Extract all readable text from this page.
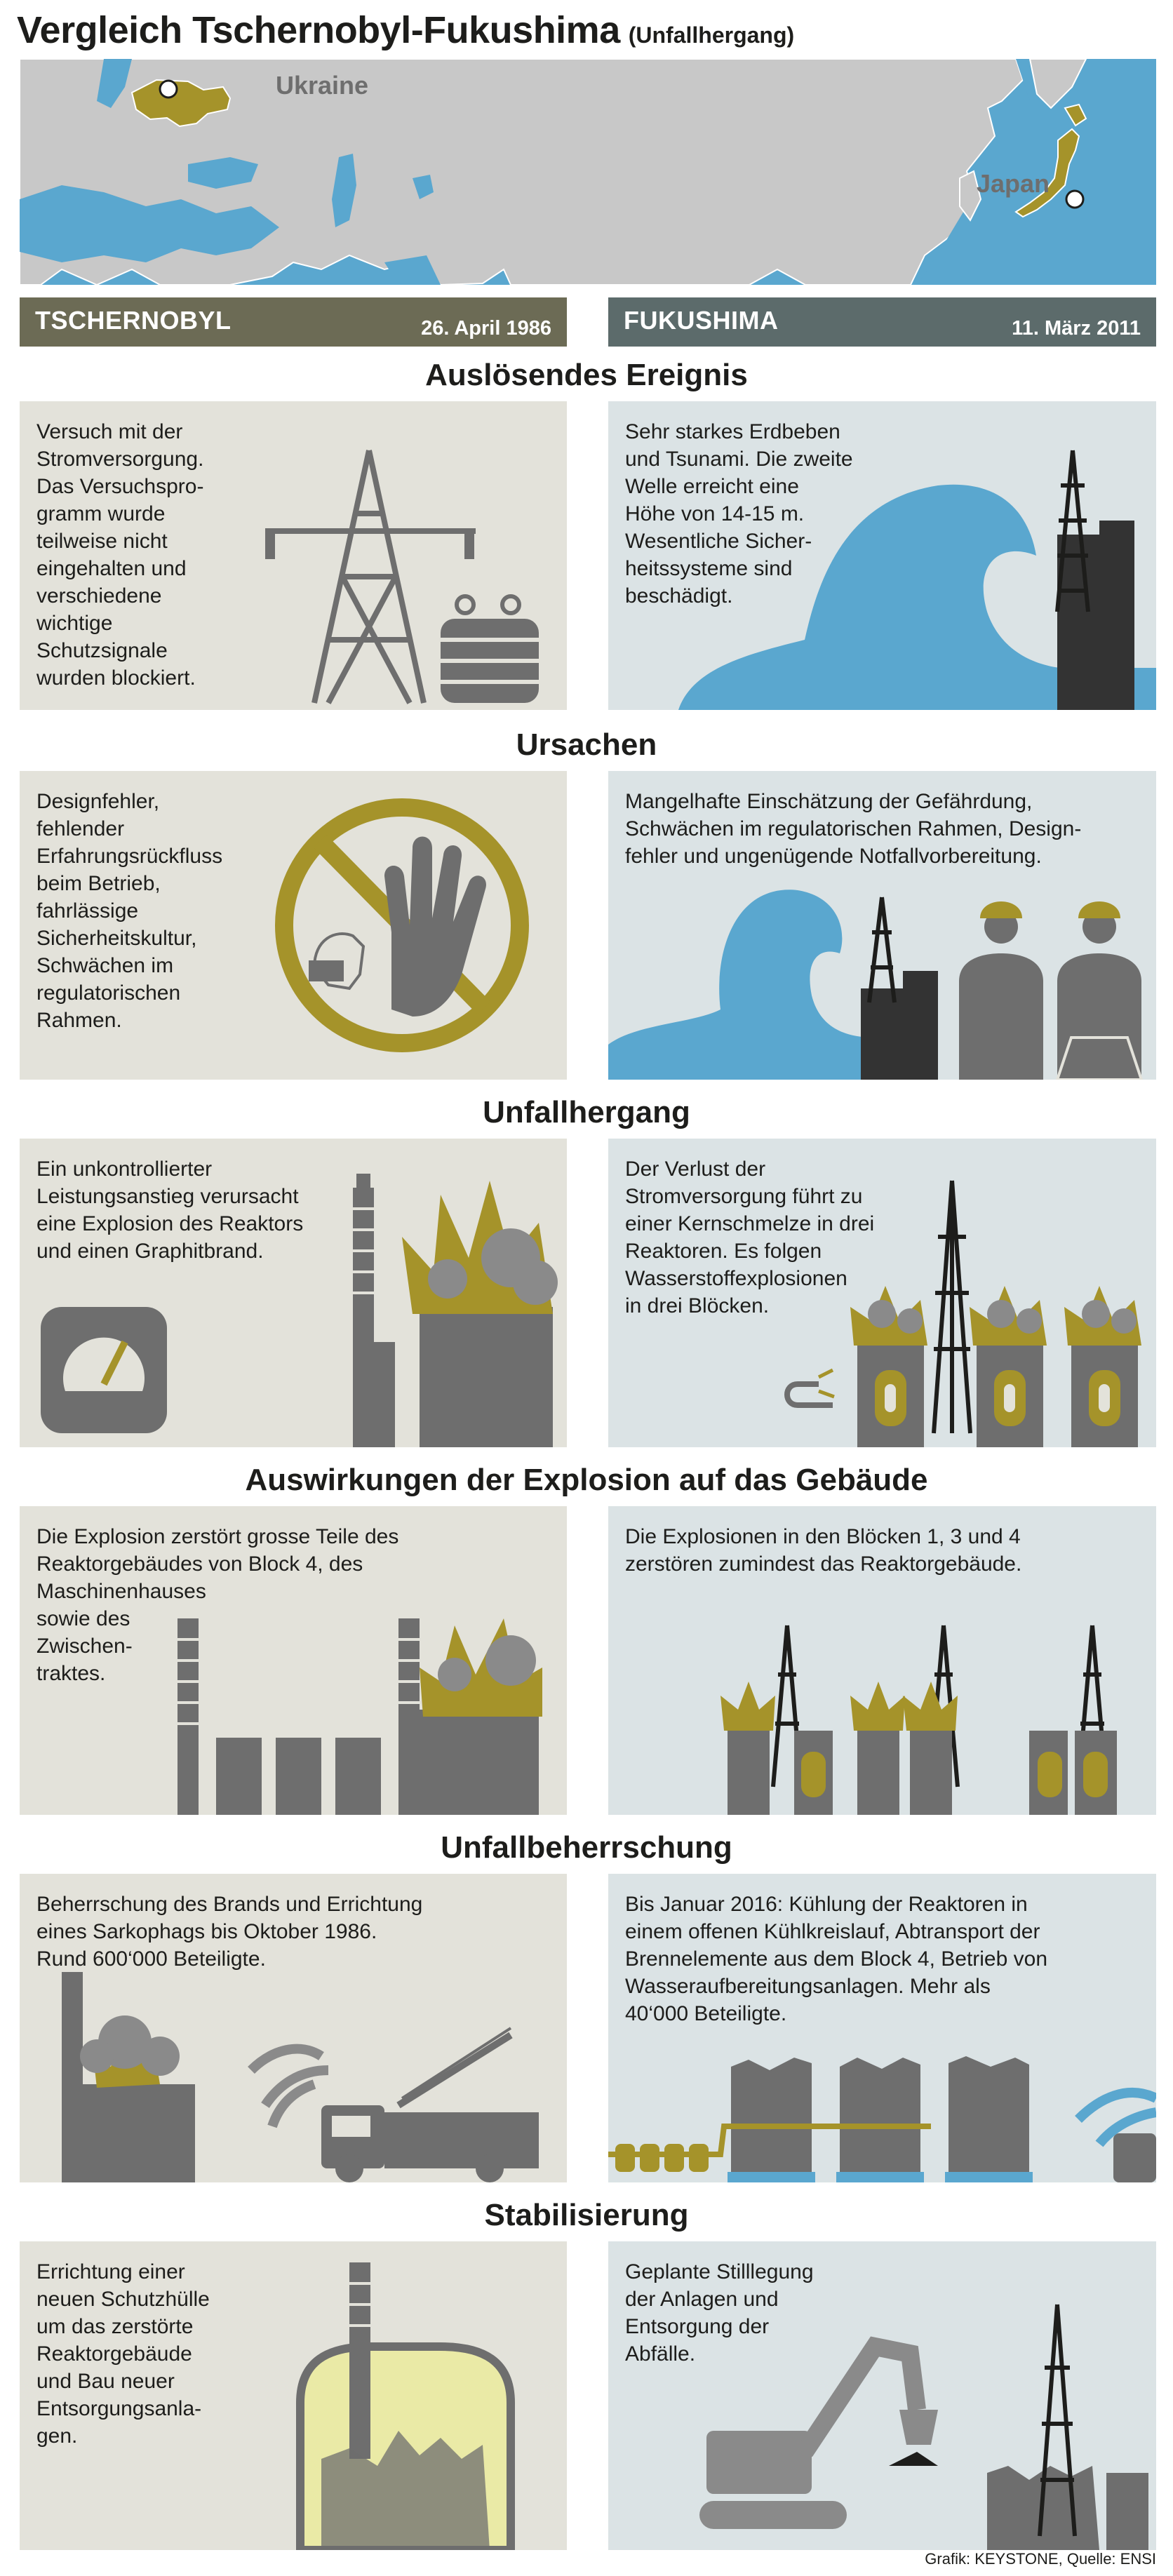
Vergleich Tschernobyl-Fukushima (Unfallhergang)
Ukraine
Japan
TSCHERNOBYL	26. April 1986	FUKUSHIMA	11. März 2011
Auslösendes Ereignis
Versuch mit der
Stromversorgung.
Das Versuchspro-
gramm wurde
teilweise nicht
eingehalten und
verschiedene
wichtige
Schutzsignale
wurden blockiert.
Sehr starkes Erdbeben
und Tsunami. Die zweite
Welle erreicht eine
Höhe von 14-15 m.
Wesentliche Sicher-
heitssysteme sind
beschädigt.
Ursachen
Designfehler,
fehlender
Erfahrungsrückfluss
beim Betrieb,
fahrlässige
Sicherheitskultur,
Schwächen im
regulatorischen
Rahmen.
Mangelhafte Einschätzung der Gefährdung,
Schwächen im regulatorischen Rahmen, Design-
fehler und ungenügende Notfallvorbereitung.
Unfallhergang
Ein unkontrollierter
Leistungsanstieg verursacht
eine Explosion des Reaktors
und einen Graphitbrand.
Der Verlust der
Stromversorgung führt zu
einer Kernschmelze in drei
Reaktoren. Es folgen
Wasserstoffexplosionen
in drei Blöcken.
Auswirkungen der Explosion auf das Gebäude
Die Explosion zerstört grosse Teile des
Reaktorgebäudes von Block 4, des
Maschinenhauses
sowie des
Zwischen-
traktes.
Die Explosionen in den Blöcken 1, 3 und 4
zerstören zumindest das Reaktorgebäude.
Unfallbeherrschung
Beherrschung des Brands und Errichtung
eines Sarkophags bis Oktober 1986.
Rund 600‘000 Beteiligte.
Bis Januar 2016: Kühlung der Reaktoren in
einem offenen Kühlkreislauf, Abtransport der
Brennelemente aus dem Block 4, Betrieb von
Wasseraufbereitungsanlagen. Mehr als
40‘000 Beteiligte.
Stabilisierung
Errichtung einer
neuen Schutzhülle
um das zerstörte
Reaktorgebäude
und Bau neuer
Entsorgungsanla-
gen.
Geplante Stilllegung
der Anlagen und
Entsorgung der
Abfälle.
Grafik: KEYSTONE, Quelle: ENSI
